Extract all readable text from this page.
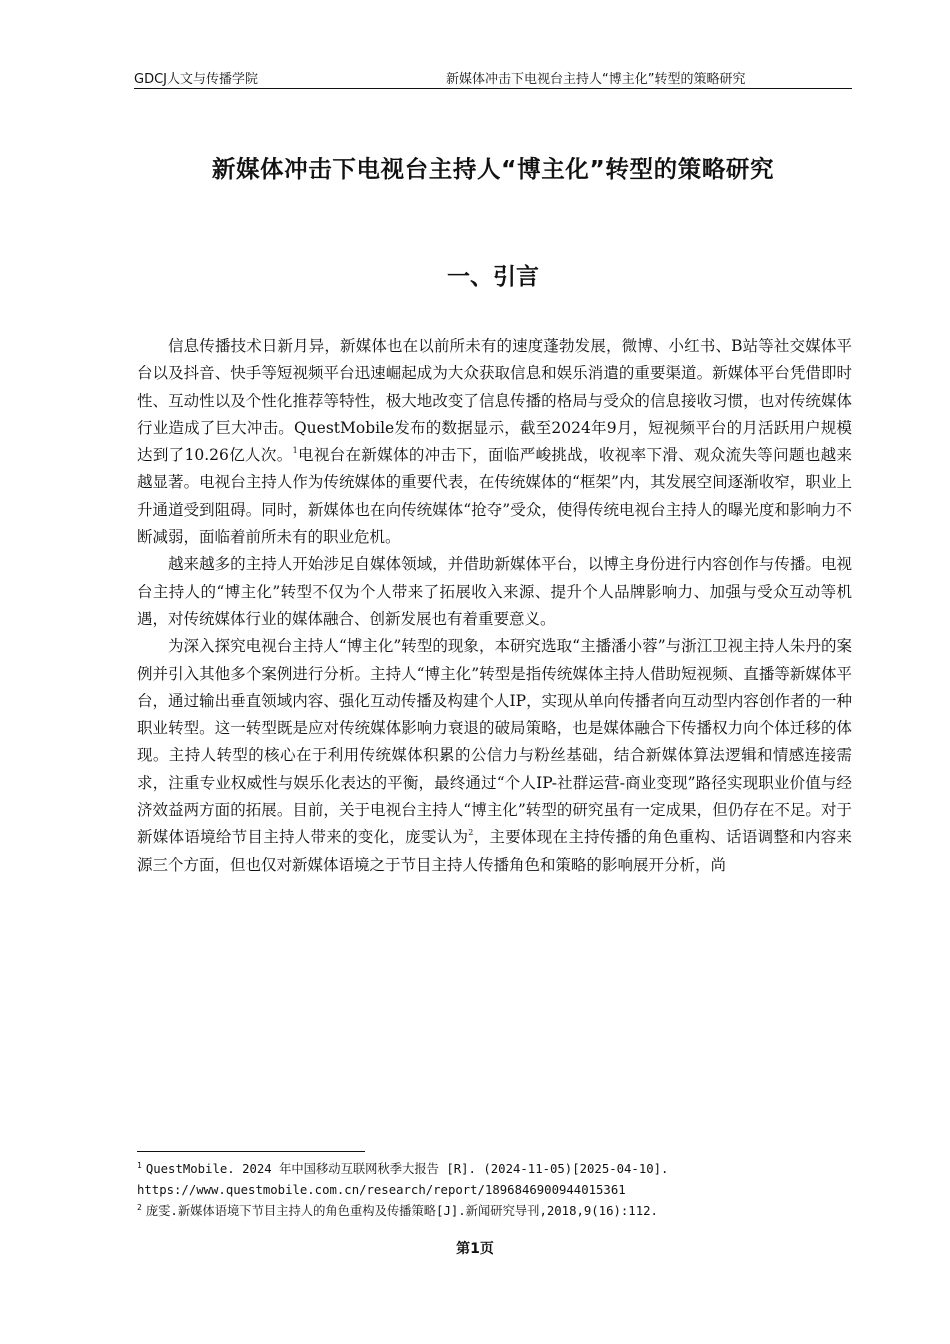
GDCJ人文与传播学院	新媒体冲击下电视台主持人“博主化”转型的策略研究
新媒体冲击下电视台主持人“博主化”转型的策略研究
一、引言

信息传播技术日新月异，新媒体也在以前所未有的速度蓬勃发展，微博、小红书、B站等社交媒体平台以及抖音、快手等短视频平台迅速崛起成为大众获取信息和娱乐消遣的重要渠道。新媒体平台凭借即时性、互动性以及个性化推荐等特性，极大地改变了信息传播的格局与受众的信息接收习惯，也对传统媒体行业造成了巨大冲击。QuestMobile发布的数据显示，截至2024年9月，短视频平台的月活跃用户规模达到了10.26亿人次。$^1$电视台在新媒体的冲击下，面临严峻挑战，收视率下滑、观众流失等问题也越来越显著。电视台主持人作为传统媒体的重要代表，在传统媒体的“框架”内，其发展空间逐渐收窄，职业上升通道受到阻碍。同时，新媒体也在向传统媒体“抢夺”受众，使得传统电视台主持人的曝光度和影响力不断减弱，面临着前所未有的职业危机。

越来越多的主持人开始涉足自媒体领域，并借助新媒体平台，以博主身份进行内容创作与传播。电视台主持人的“博主化”转型不仅为个人带来了拓展收入来源、提升个人品牌影响力、加强与受众互动等机遇，对传统媒体行业的媒体融合、创新发展也有着重要意义。

为深入探究电视台主持人“博主化”转型的现象，本研究选取“主播潘小蓉”与浙江卫视主持人朱丹的案例并引入其他多个案例进行分析。主持人“博主化”转型是指传统媒体主持人借助短视频、直播等新媒体平台，通过输出垂直领域内容、强化互动传播及构建个人IP，实现从单向传播者向互动型内容创作者的一种职业转型。这一转型既是应对传统媒体影响力衰退的破局策略，也是媒体融合下传播权力向个体迁移的体现。主持人转型的核心在于利用传统媒体积累的公信力与粉丝基础，结合新媒体算法逻辑和情感连接需求，注重专业权威性与娱乐化表达的平衡，最终通过“个人IP-社群运营-商业变现”路径实现职业价值与经济效益两方面的拓展。目前，关于电视台主持人“博主化”转型的研究虽有一定成果，但仍存在不足。对于新媒体语境给节目主持人带来的变化，庞雯认为$^2$，主要体现在主持传播的角色重构、话语调整和内容来源三个方面，但也仅对新媒体语境之于节目主持人传播角色和策略的影响展开分析，尚

$^1$ QuestMobile. 2024 年中国移动互联网秋季大报告 [R]. (2024-11-05)[2025-04-10].
https://www.questmobile.com.cn/research/report/1896846900944015361
$^2$ 庞雯.新媒体语境下节目主持人的角色重构及传播策略[J].新闻研究导刊,2018,9(16):112.
第1页
